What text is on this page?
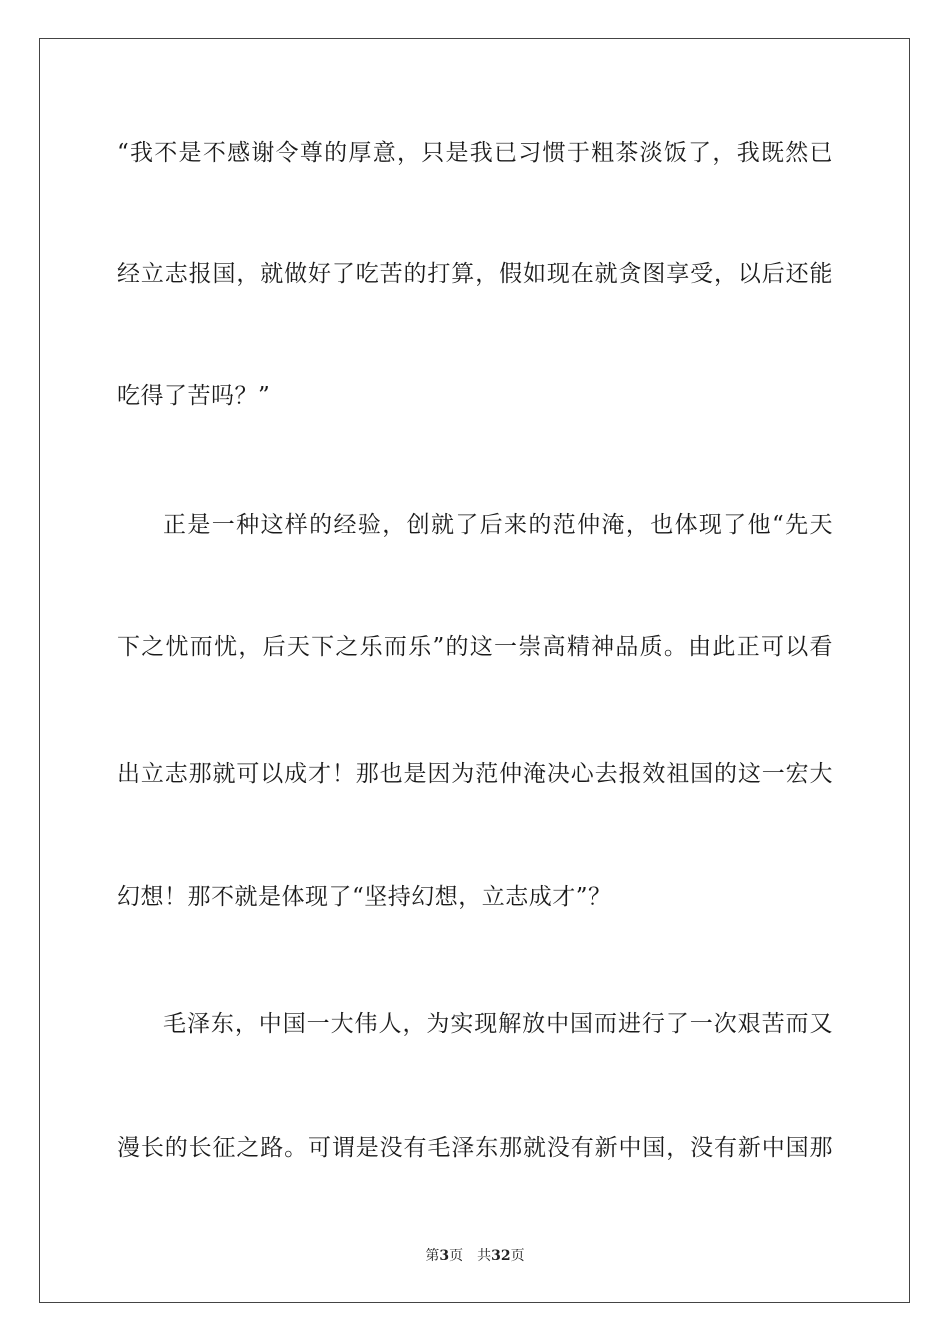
“我不是不感谢令尊的厚意，只是我已习惯于粗茶淡饭了，我既然已
经立志报国，就做好了吃苦的打算，假如现在就贪图享受，以后还能
吃得了苦吗？”
正是一种这样的经验，创就了后来的范仲淹，也体现了他“先天
下之忧而忧，后天下之乐而乐”的这一崇高精神品质。由此正可以看
出立志那就可以成才！那也是因为范仲淹决心去报效祖国的这一宏大
幻想！那不就是体现了“坚持幻想，立志成才”？
毛泽东，中国一大伟人，为实现解放中国而进行了一次艰苦而又
漫长的长征之路。可谓是没有毛泽东那就没有新中国，没有新中国那
第3页 共32页
